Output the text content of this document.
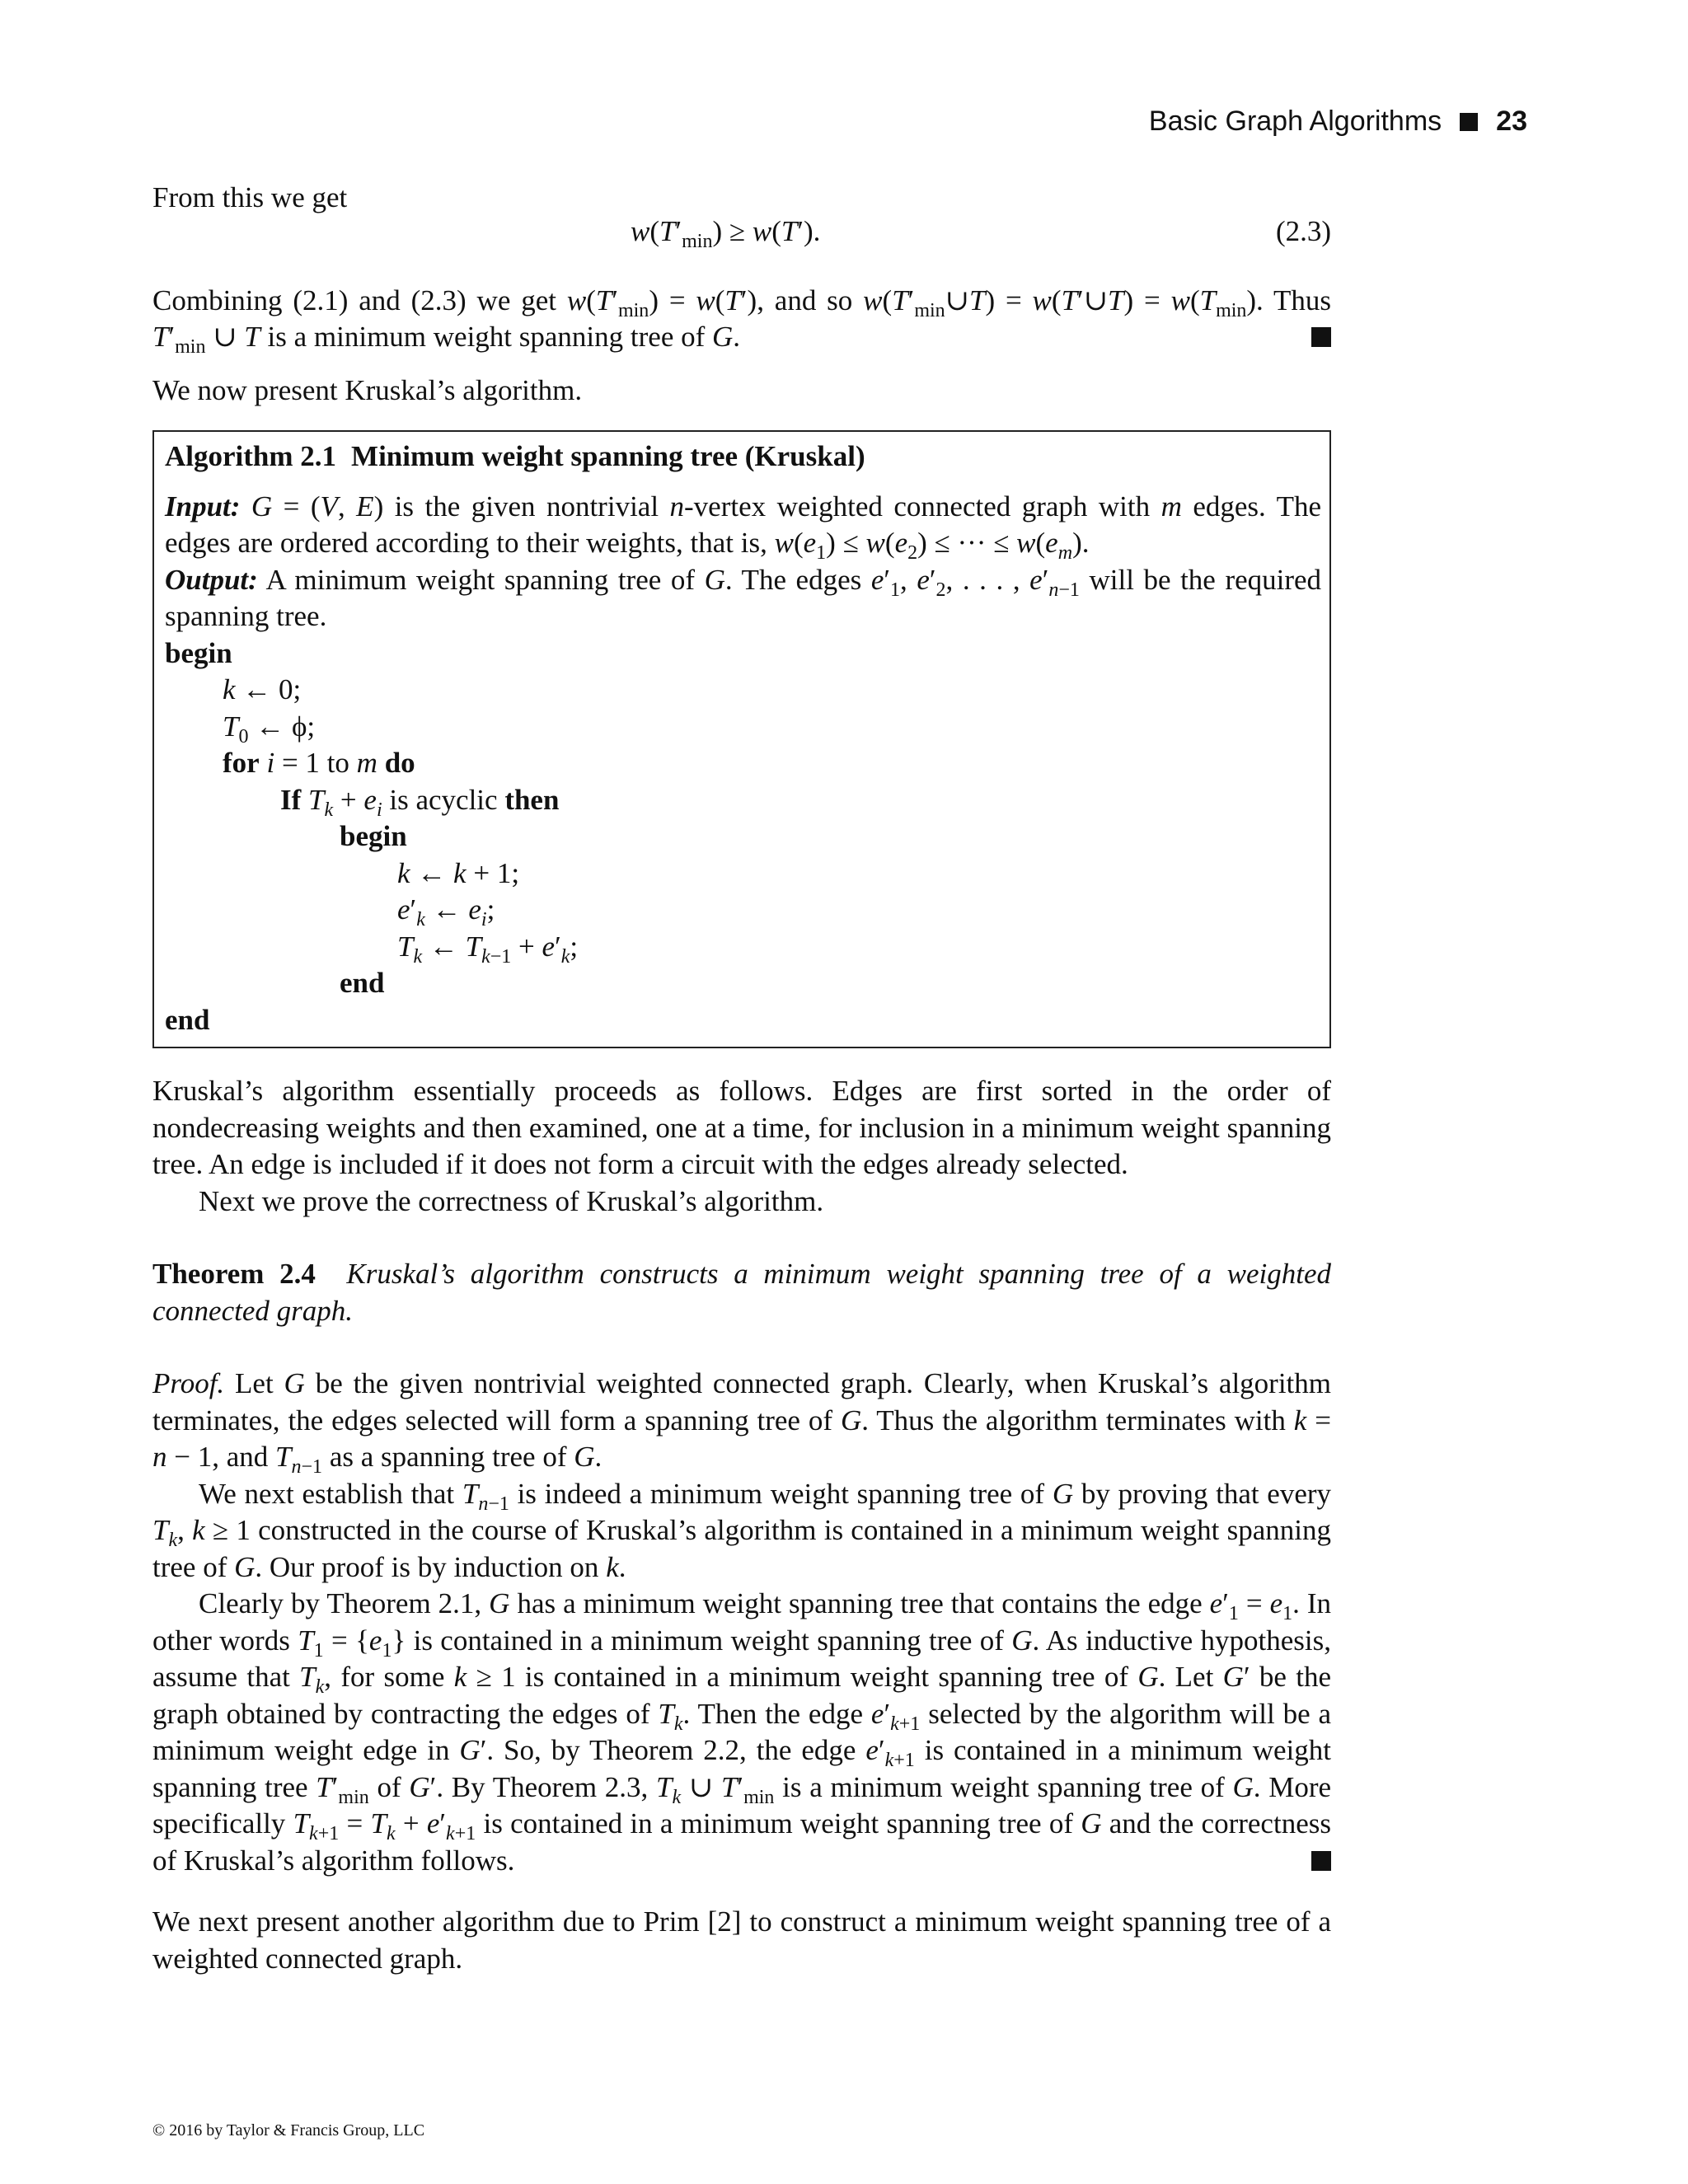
Basic Graph Algorithms 23

From this we get

$w(T'_{min}) \ge w(T')$.	(2.3)

Combining (2.1) and (2.3) we get $w(T'_{min}) = w(T')$, and so $w(T'_{min}\cup T)$ = w(T′∪T) = $w(T_{min})$. Thus $T'_{min}$ ∪ T is a minimum weight spanning tree of G.

We now present Kruskal’s algorithm.

Algorithm 2.1 Minimum weight spanning tree (Kruskal)

Input: G = (V, E) is the given nontrivial n-vertex weighted connected graph with m edges. The edges are ordered according to their weights, that is, $w(e_1) \le w(e_2)$ ≤ ··· ≤ $w(e_m)$.

Output: A minimum weight spanning tree of G. The edges $e'_1$, $e'_2$, . . . , $e'_{n-1}$ will be the required spanning tree.

begin

k ← 0;

$T_0$ ← ϕ;

for i = 1 to m do

If $T_k + e_i$ is acyclic then

begin

k ← k + 1;

$e'_k$ ← $e_i$;

$T_k$ ← $T_{k-1} + e'_k$;

end

end

Kruskal’s algorithm essentially proceeds as follows. Edges are first sorted in the order of nondecreasing weights and then examined, one at a time, for inclusion in a minimum weight spanning tree. An edge is included if it does not form a circuit with the edges already selected.

Next we prove the correctness of Kruskal’s algorithm.

Theorem 2.4 Kruskal’s algorithm constructs a minimum weight spanning tree of a weighted connected graph.

Proof. Let G be the given nontrivial weighted connected graph. Clearly, when Kruskal’s algorithm terminates, the edges selected will form a spanning tree of G. Thus the algorithm terminates with k = n − 1, and $T_{n-1}$ as a spanning tree of G.

We next establish that $T_{n-1}$ is indeed a minimum weight spanning tree of G by proving that every $T_k$, k ≥ 1 constructed in the course of Kruskal’s algorithm is contained in a minimum weight spanning tree of G. Our proof is by induction on k.

Clearly by Theorem 2.1, G has a minimum weight spanning tree that contains the edge $e'_1 = e_1$. In other words $T_1 = \{e_1\}$ is contained in a minimum weight spanning tree of G. As inductive hypothesis, assume that $T_k$, for some k ≥ 1 is contained in a minimum weight spanning tree of G. Let G′ be the graph obtained by contracting the edges of $T_k$. Then the edge $e'_{k+1}$ selected by the algorithm will be a minimum weight edge in G′. So, by Theorem 2.2, the edge $e'_{k+1}$ is contained in a minimum weight spanning tree $T'_{min}$ of G′. By Theorem 2.3, $T_k$ ∪ $T'_{min}$ is a minimum weight spanning tree of G. More specifically $T_{k+1} = T_k + e'_{k+1}$ is contained in a minimum weight spanning tree of G and the correctness of Kruskal’s algorithm follows.

We next present another algorithm due to Prim [2] to construct a minimum weight spanning tree of a weighted connected graph.

© 2016 by Taylor & Francis Group, LLC
